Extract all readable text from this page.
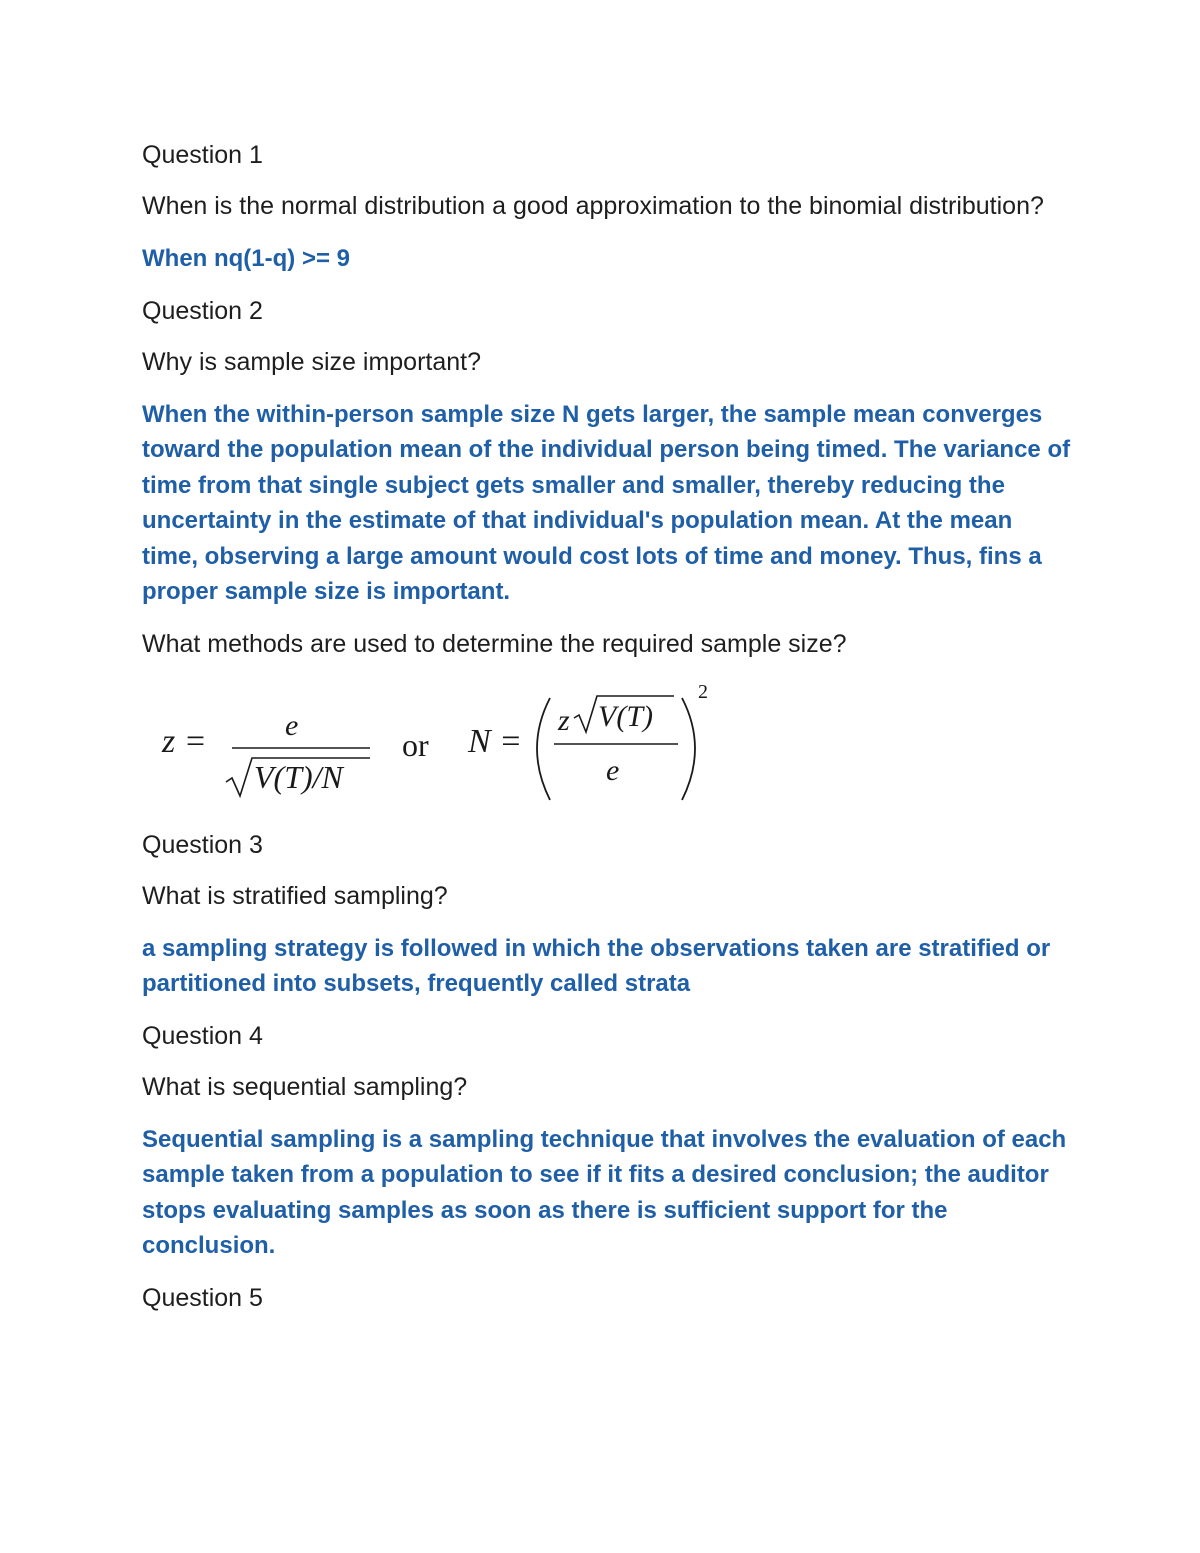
Question 1

When is the normal distribution a good approximation to the binomial distribution?

When nq(1-q) >= 9

Question 2

Why is sample size important?

When the within-person sample size N gets larger, the sample mean converges toward the population mean of the individual person being timed. The variance of time from that single subject gets smaller and smaller, thereby reducing the uncertainty in the estimate of that individual's population mean. At the mean time, observing a large amount would cost lots of time and money. Thus, fins a proper sample size is important.

What methods are used to determine the required sample size?

z =	e
V(T)/N
or N =
z V(T)
e
2

Question 3

What is stratified sampling?

a sampling strategy is followed in which the observations taken are stratified or partitioned into subsets, frequently called strata

Question 4

What is sequential sampling?

Sequential sampling is a sampling technique that involves the evaluation of each sample taken from a population to see if it fits a desired conclusion; the auditor stops evaluating samples as soon as there is sufficient support for the conclusion.

Question 5
